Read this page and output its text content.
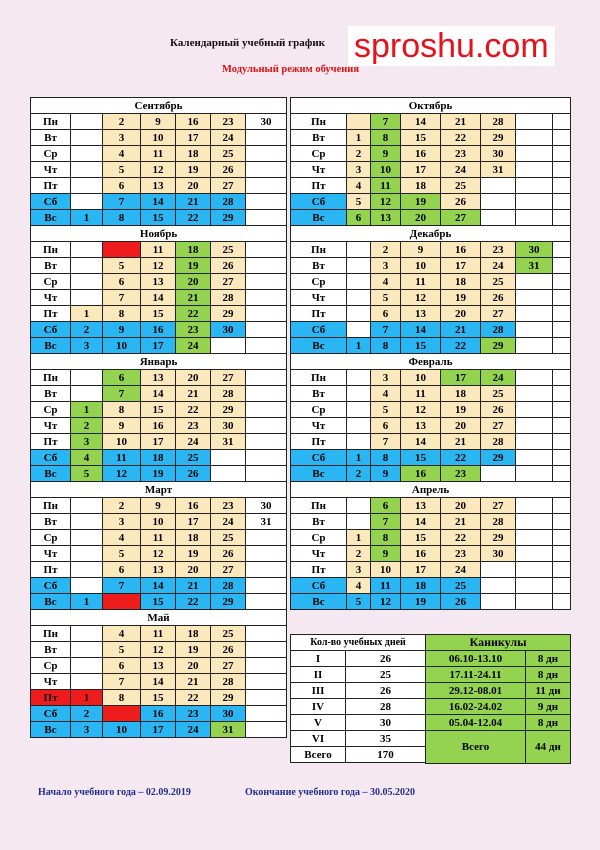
Календарный учебный график sproshu.com
Модульный режим обучения
Сентябрь						
Пн		2	9	16	23	30
Вт		3	10	17	24	
Ср		4	11	18	25	
Чт		5	12	19	26	
Пт		6	13	20	27	
Сб		7	14	21	28	
Вс	1	8	15	22	29	
Ноябрь						
Пн		4	11	18	25	
Вт		5	12	19	26	
Ср		6	13	20	27	
Чт		7	14	21	28	
Пт	1	8	15	22	29	
Сб	2	9	16	23	30	
Вс	3	10	17	24		
Январь						
Пн		6	13	20	27	
Вт		7	14	21	28	
Ср	1	8	15	22	29	
Чт	2	9	16	23	30	
Пт	3	10	17	24	31	
Сб	4	11	18	25		
Вс	5	12	19	26		
Март						
Пн		2	9	16	23	30
Вт		3	10	17	24	31
Ср		4	11	18	25	
Чт		5	12	19	26	
Пт		6	13	20	27	
Сб		7	14	21	28	
Вс	1	8	15	22	29	
Май						
Пн		4	11	18	25	
Вт		5	12	19	26	
Ср		6	13	20	27	
Чт		7	14	21	28	
Пт	1	8	15	22	29	
Сб	2	9	16	23	30	
Вс	3	10	17	24	31	
Октябрь							
Пн		7	14	21	28		
Вт	1	8	15	22	29		
Ср	2	9	16	23	30		
Чт	3	10	17	24	31		
Пт	4	11	18	25			
Сб	5	12	19	26			
Вс	6	13	20	27			
Декабрь							
Пн		2	9	16	23	30	
Вт		3	10	17	24	31	
Ср		4	11	18	25		
Чт		5	12	19	26		
Пт		6	13	20	27		
Сб		7	14	21	28		
Вс	1	8	15	22	29		
Февраль							
Пн		3	10	17	24		
Вт		4	11	18	25		
Ср		5	12	19	26		
Чт		6	13	20	27		
Пт		7	14	21	28		
Сб	1	8	15	22	29		
Вс	2	9	16	23			
Апрель							
Пн		6	13	20	27		
Вт		7	14	21	28		
Ср	1	8	15	22	29		
Чт	2	9	16	23	30		
Пт	3	10	17	24			
Сб	4	11	18	25			
Вс	5	12	19	26			
Кол-во учебных дней	
I	26
II	25
III	26
IV	28
V	30
VI	35
Всего	170
Каникулы	
06.10-13.10	8 дн
17.11-24.11	8 дн
29.12-08.01	11 дн
16.02-24.02	9 дн
05.04-12.04	8 дн
Всего	44 дн
Начало учебного года – 02.09.2019	Окончание учебного года – 30.05.2020
